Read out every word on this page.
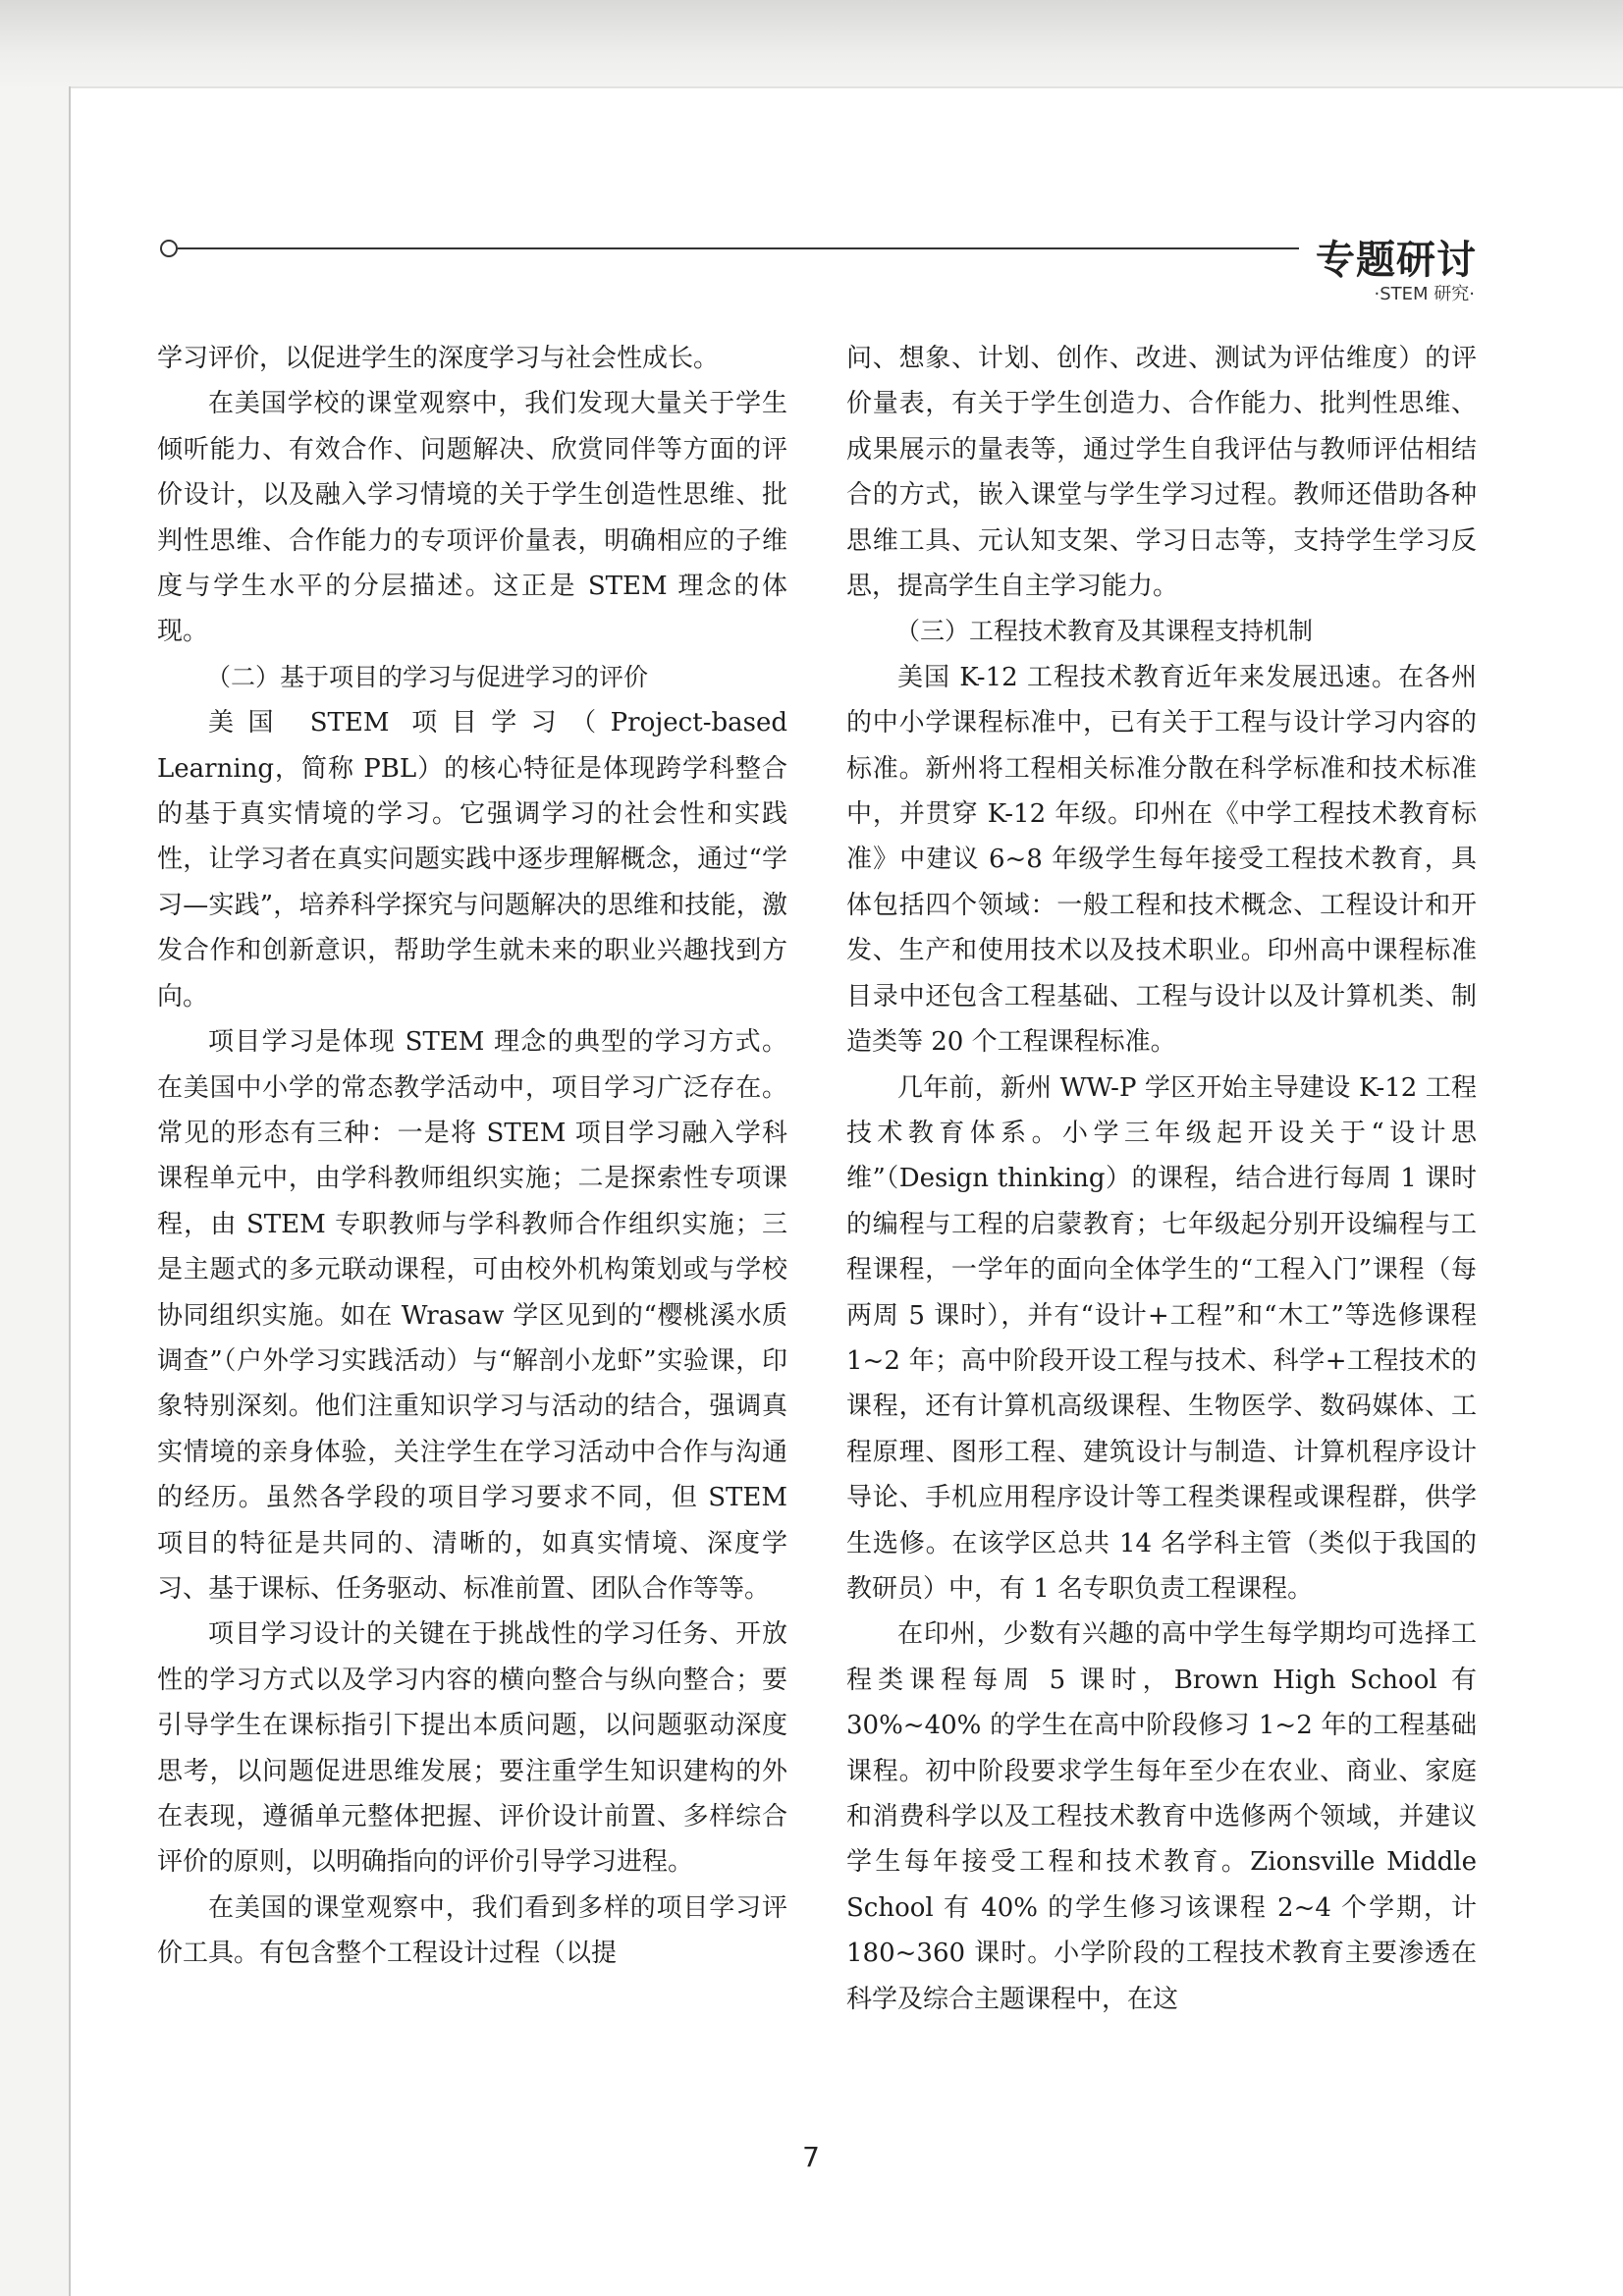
专题研讨
·STEM 研究·

学习评价，以促进学生的深度学习与社会性成长。

在美国学校的课堂观察中，我们发现大量关于学生倾听能力、有效合作、问题解决、欣赏同伴等方面的评价设计，以及融入学习情境的关于学生创造性思维、批判性思维、合作能力的专项评价量表，明确相应的子维度与学生水平的分层描述。这正是 STEM 理念的体现。

（二）基于项目的学习与促进学习的评价

美国 STEM 项目学习（Project-based Learning，简称 PBL）的核心特征是体现跨学科整合的基于真实情境的学习。它强调学习的社会性和实践性，让学习者在真实问题实践中逐步理解概念，通过“学习—实践”，培养科学探究与问题解决的思维和技能，激发合作和创新意识，帮助学生就未来的职业兴趣找到方向。

项目学习是体现 STEM 理念的典型的学习方式。在美国中小学的常态教学活动中，项目学习广泛存在。常见的形态有三种：一是将 STEM 项目学习融入学科课程单元中，由学科教师组织实施；二是探索性专项课程，由 STEM 专职教师与学科教师合作组织实施；三是主题式的多元联动课程，可由校外机构策划或与学校协同组织实施。如在 Wrasaw 学区见到的“樱桃溪水质调查”（户外学习实践活动）与“解剖小龙虾”实验课，印象特别深刻。他们注重知识学习与活动的结合，强调真实情境的亲身体验，关注学生在学习活动中合作与沟通的经历。虽然各学段的项目学习要求不同，但 STEM 项目的特征是共同的、清晰的，如真实情境、深度学习、基于课标、任务驱动、标准前置、团队合作等等。

项目学习设计的关键在于挑战性的学习任务、开放性的学习方式以及学习内容的横向整合与纵向整合；要引导学生在课标指引下提出本质问题，以问题驱动深度思考，以问题促进思维发展；要注重学生知识建构的外在表现，遵循单元整体把握、评价设计前置、多样综合评价的原则，以明确指向的评价引导学习进程。

在美国的课堂观察中，我们看到多样的项目学习评价工具。有包含整个工程设计过程（以提

问、想象、计划、创作、改进、测试为评估维度）的评价量表，有关于学生创造力、合作能力、批判性思维、成果展示的量表等，通过学生自我评估与教师评估相结合的方式，嵌入课堂与学生学习过程。教师还借助各种思维工具、元认知支架、学习日志等，支持学生学习反思，提高学生自主学习能力。

（三）工程技术教育及其课程支持机制

美国 K-12 工程技术教育近年来发展迅速。在各州的中小学课程标准中，已有关于工程与设计学习内容的标准。新州将工程相关标准分散在科学标准和技术标准中，并贯穿 K-12 年级。印州在《中学工程技术教育标准》中建议 6~8 年级学生每年接受工程技术教育，具体包括四个领域：一般工程和技术概念、工程设计和开发、生产和使用技术以及技术职业。印州高中课程标准目录中还包含工程基础、工程与设计以及计算机类、制造类等 20 个工程课程标准。

几年前，新州 WW-P 学区开始主导建设 K-12 工程技术教育体系。小学三年级起开设关于“设计思维”（Design thinking）的课程，结合进行每周 1 课时的编程与工程的启蒙教育；七年级起分别开设编程与工程课程，一学年的面向全体学生的“工程入门”课程（每两周 5 课时），并有“设计+工程”和“木工”等选修课程 1~2 年；高中阶段开设工程与技术、科学+工程技术的课程，还有计算机高级课程、生物医学、数码媒体、工程原理、图形工程、建筑设计与制造、计算机程序设计导论、手机应用程序设计等工程类课程或课程群，供学生选修。在该学区总共 14 名学科主管（类似于我国的教研员）中，有 1 名专职负责工程课程。

在印州，少数有兴趣的高中学生每学期均可选择工程类课程每周 5 课时，Brown High School 有 30%~40% 的学生在高中阶段修习 1~2 年的工程基础课程。初中阶段要求学生每年至少在农业、商业、家庭和消费科学以及工程技术教育中选修两个领域，并建议学生每年接受工程和技术教育。Zionsville Middle School 有 40% 的学生修习该课程 2~4 个学期，计 180~360 课时。小学阶段的工程技术教育主要渗透在科学及综合主题课程中，在这

7
